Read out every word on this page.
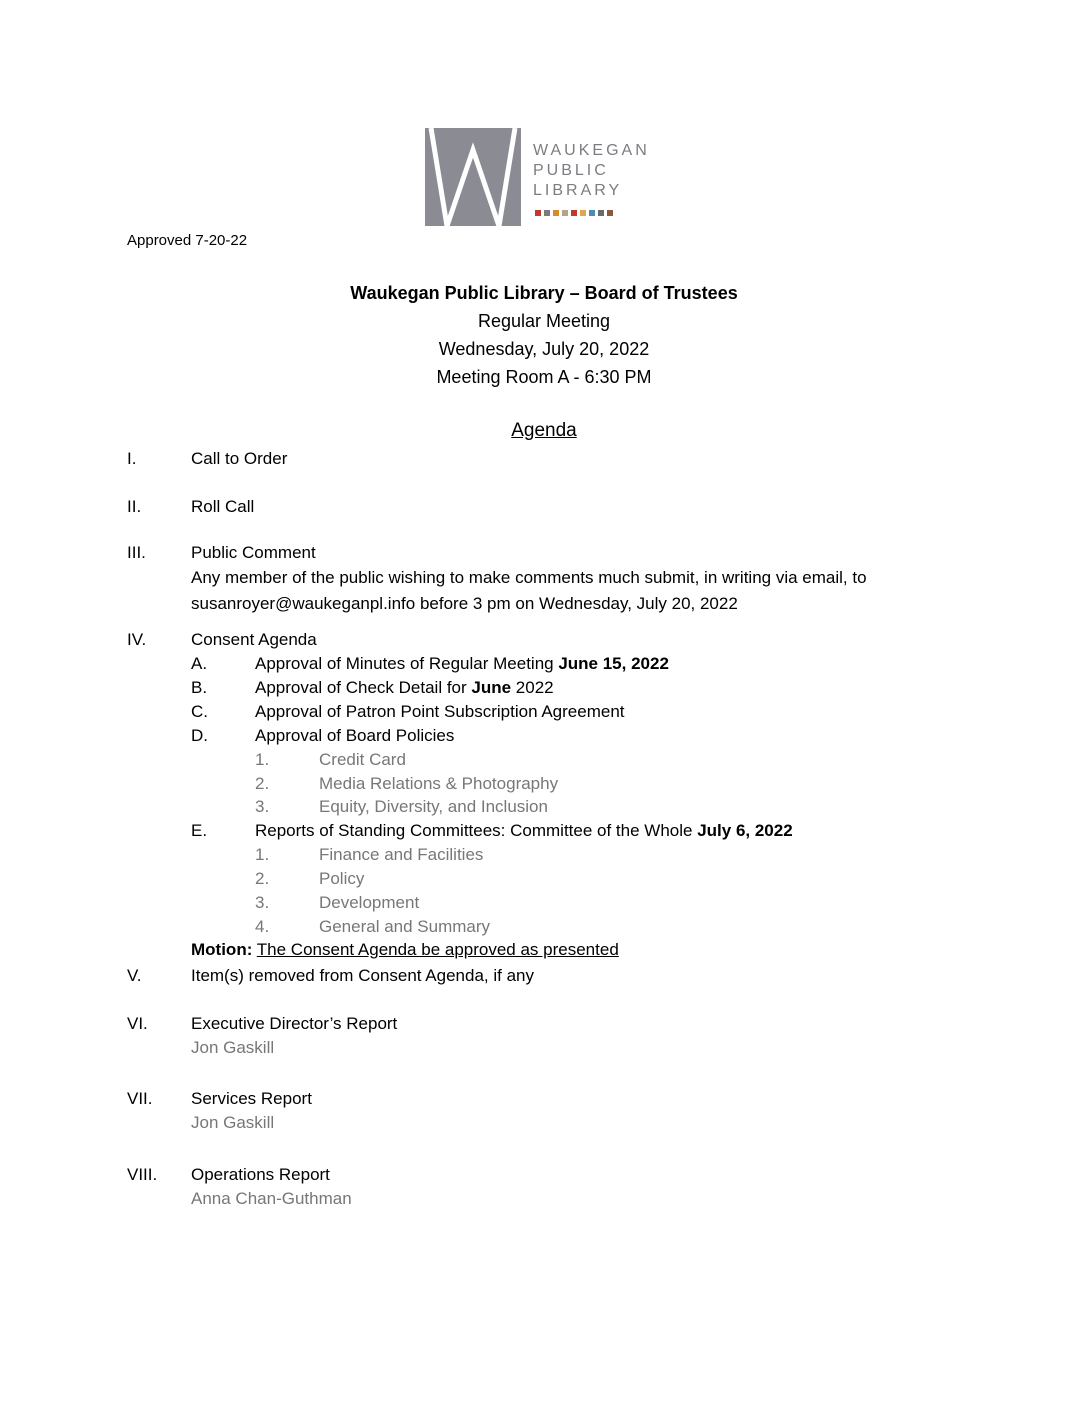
WAUKEGAN
PUBLIC
LIBRARY
Approved 7-20-22
Waukegan Public Library – Board of Trustees
Regular Meeting
Wednesday, July 20, 2022
Meeting Room A - 6:30 PM
Agenda
I.	Call to Order
II.	Roll Call
III.	Public Comment
Any member of the public wishing to make comments much submit, in writing via email, to
susanroyer@waukeganpl.info before 3 pm on Wednesday, July 20, 2022
IV.	Consent Agenda
A.	Approval of Minutes of Regular Meeting June 15, 2022
B.	Approval of Check Detail for June 2022
C.	Approval of Patron Point Subscription Agreement
D.	Approval of Board Policies
1.	Credit Card
2.	Media Relations & Photography
3.	Equity, Diversity, and Inclusion
E.	Reports of Standing Committees: Committee of the Whole July 6, 2022
1.	Finance and Facilities
2.	Policy
3.	Development
4.	General and Summary
Motion: The Consent Agenda be approved as presented
V.	Item(s) removed from Consent Agenda, if any
VI.	Executive Director’s Report
Jon Gaskill
VII. Services Report
Jon Gaskill
VIII. Operations Report
Anna Chan-Guthman
